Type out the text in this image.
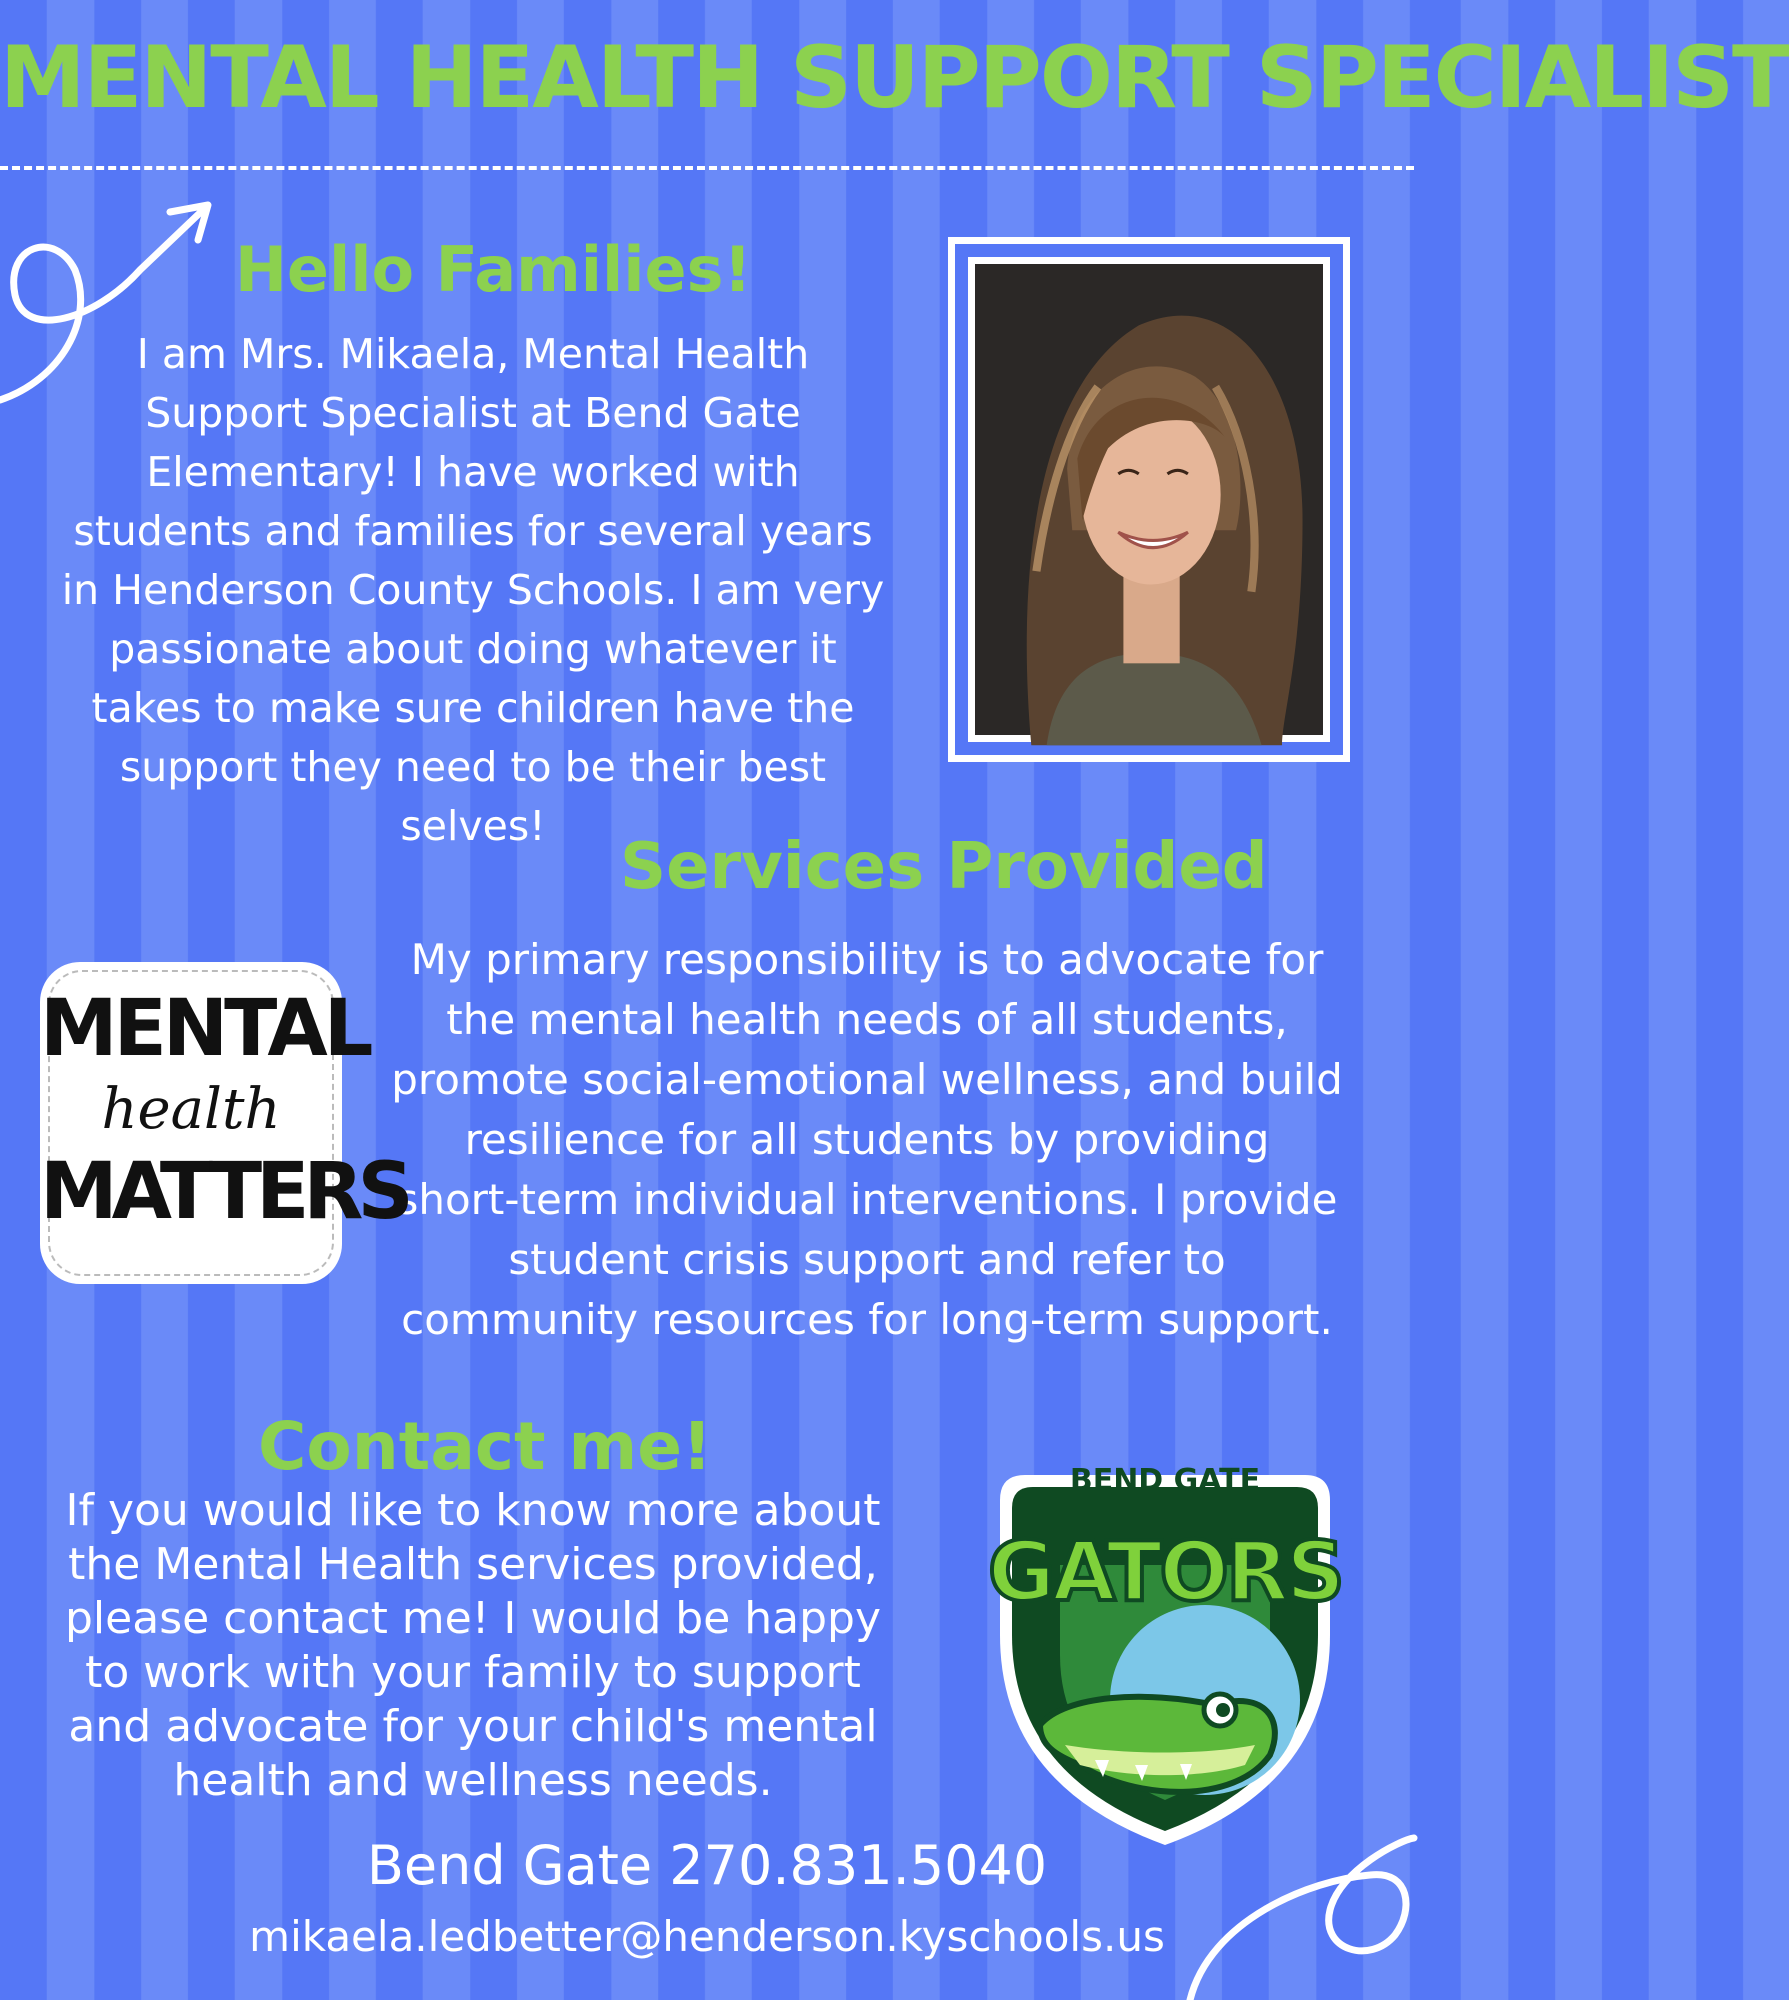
MENTAL HEALTH SUPPORT SPECIALIST
Hello Families!
I am Mrs. Mikaela, Mental Health
Support Specialist at Bend Gate
Elementary! I have worked with
students and families for several years
in Henderson County Schools. I am very
passionate about doing whatever it
takes to make sure children have the
support they need to be their best
selves!
Services Provided
My primary responsibility is to advocate for
the mental health needs of all students,
promote social-emotional wellness, and build
resilience for all students by providing
short-term individual interventions. I provide
student crisis support and refer to
community resources for long-term support.
MENTAL
health
MATTERS
Contact me!
If you would like to know more about
the Mental Health services provided,
please contact me! I would be happy
to work with your family to support
and advocate for your child's mental
health and wellness needs.
Bend Gate 270.831.5040
mikaela.ledbetter@henderson.kyschools.us
BEND GATE
GATORS
